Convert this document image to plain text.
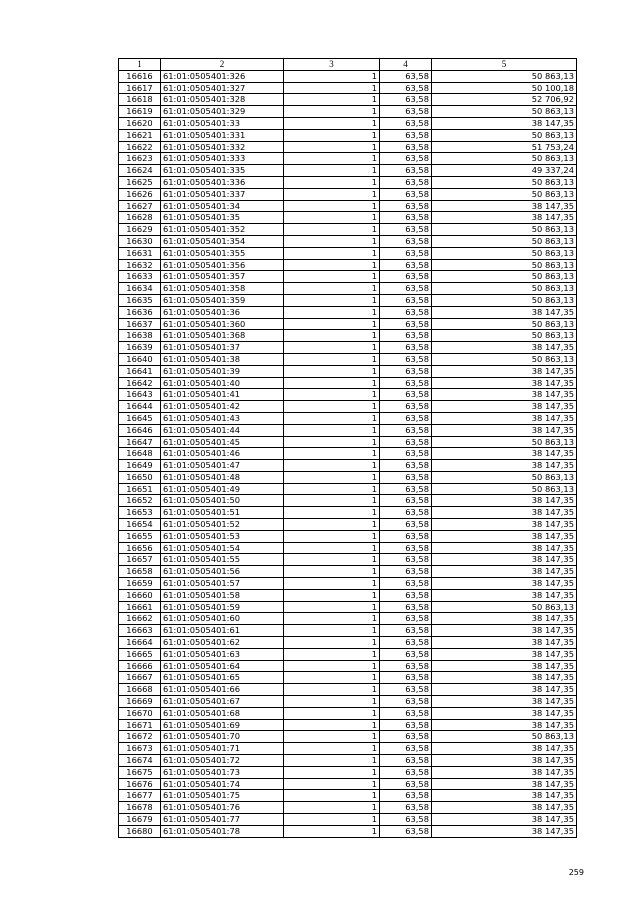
1	2	3	4	5
16616	61:01:0505401:326	1	63,58	50 863,13
16617	61:01:0505401:327	1	63,58	50 100,18
16618	61:01:0505401:328	1	63,58	52 706,92
16619	61:01:0505401:329	1	63,58	50 863,13
16620	61:01:0505401:33	1	63,58	38 147,35
16621	61:01:0505401:331	1	63,58	50 863,13
16622	61:01:0505401:332	1	63,58	51 753,24
16623	61:01:0505401:333	1	63,58	50 863,13
16624	61:01:0505401:335	1	63,58	49 337,24
16625	61:01:0505401:336	1	63,58	50 863,13
16626	61:01:0505401:337	1	63,58	50 863,13
16627	61:01:0505401:34	1	63,58	38 147,35
16628	61:01:0505401:35	1	63,58	38 147,35
16629	61:01:0505401:352	1	63,58	50 863,13
16630	61:01:0505401:354	1	63,58	50 863,13
16631	61:01:0505401:355	1	63,58	50 863,13
16632	61:01:0505401:356	1	63,58	50 863,13
16633	61:01:0505401:357	1	63,58	50 863,13
16634	61:01:0505401:358	1	63,58	50 863,13
16635	61:01:0505401:359	1	63,58	50 863,13
16636	61:01:0505401:36	1	63,58	38 147,35
16637	61:01:0505401:360	1	63,58	50 863,13
16638	61:01:0505401:368	1	63,58	50 863,13
16639	61:01:0505401:37	1	63,58	38 147,35
16640	61:01:0505401:38	1	63,58	50 863,13
16641	61:01:0505401:39	1	63,58	38 147,35
16642	61:01:0505401:40	1	63,58	38 147,35
16643	61:01:0505401:41	1	63,58	38 147,35
16644	61:01:0505401:42	1	63,58	38 147,35
16645	61:01:0505401:43	1	63,58	38 147,35
16646	61:01:0505401:44	1	63,58	38 147,35
16647	61:01:0505401:45	1	63,58	50 863,13
16648	61:01:0505401:46	1	63,58	38 147,35
16649	61:01:0505401:47	1	63,58	38 147,35
16650	61:01:0505401:48	1	63,58	50 863,13
16651	61:01:0505401:49	1	63,58	50 863,13
16652	61:01:0505401:50	1	63,58	38 147,35
16653	61:01:0505401:51	1	63,58	38 147,35
16654	61:01:0505401:52	1	63,58	38 147,35
16655	61:01:0505401:53	1	63,58	38 147,35
16656	61:01:0505401:54	1	63,58	38 147,35
16657	61:01:0505401:55	1	63,58	38 147,35
16658	61:01:0505401:56	1	63,58	38 147,35
16659	61:01:0505401:57	1	63,58	38 147,35
16660	61:01:0505401:58	1	63,58	38 147,35
16661	61:01:0505401:59	1	63,58	50 863,13
16662	61:01:0505401:60	1	63,58	38 147,35
16663	61:01:0505401:61	1	63,58	38 147,35
16664	61:01:0505401:62	1	63,58	38 147,35
16665	61:01:0505401:63	1	63,58	38 147,35
16666	61:01:0505401:64	1	63,58	38 147,35
16667	61:01:0505401:65	1	63,58	38 147,35
16668	61:01:0505401:66	1	63,58	38 147,35
16669	61:01:0505401:67	1	63,58	38 147,35
16670	61:01:0505401:68	1	63,58	38 147,35
16671	61:01:0505401:69	1	63,58	38 147,35
16672	61:01:0505401:70	1	63,58	50 863,13
16673	61:01:0505401:71	1	63,58	38 147,35
16674	61:01:0505401:72	1	63,58	38 147,35
16675	61:01:0505401:73	1	63,58	38 147,35
16676	61:01:0505401:74	1	63,58	38 147,35
16677	61:01:0505401:75	1	63,58	38 147,35
16678	61:01:0505401:76	1	63,58	38 147,35
16679	61:01:0505401:77	1	63,58	38 147,35
16680	61:01:0505401:78	1	63,58	38 147,35
259
